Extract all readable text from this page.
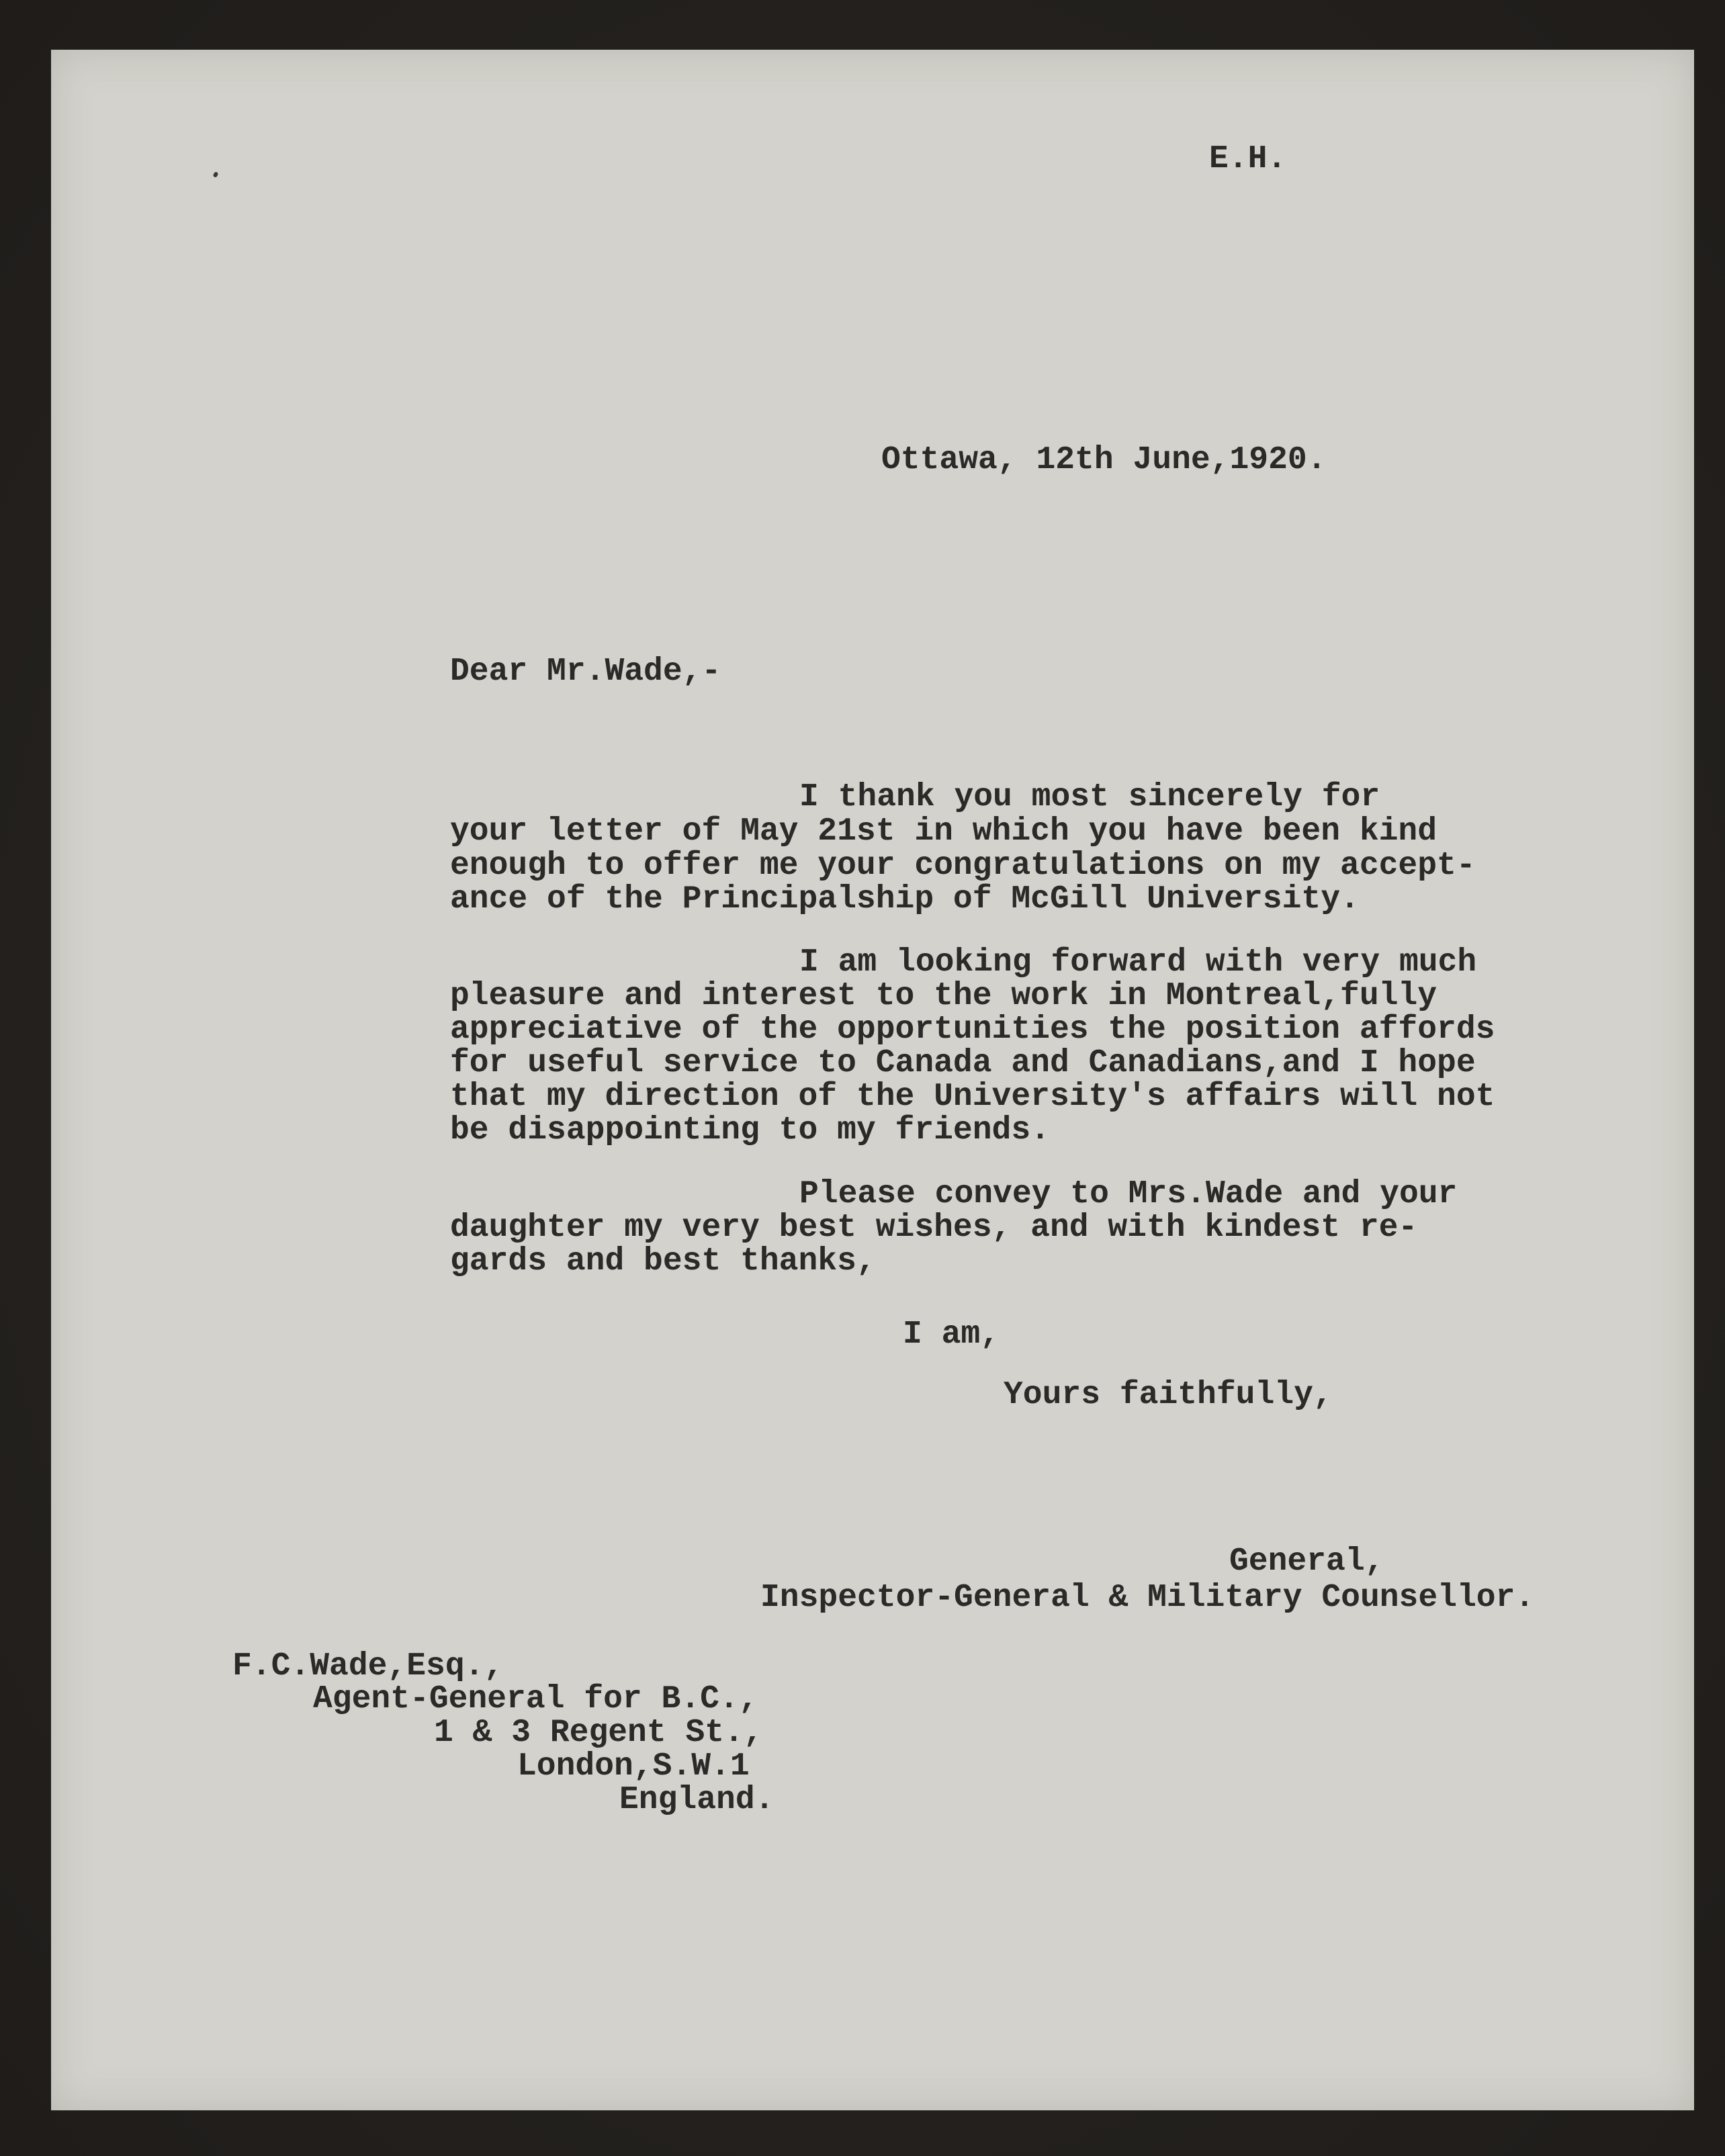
E.H.
Ottawa, 12th June,1920.
Dear Mr.Wade,-
I thank you most sincerely for
your letter of May 21st in which you have been kind
enough to offer me your congratulations on my accept-
ance of the Principalship of McGill University.
I am looking forward with very much
pleasure and interest to the work in Montreal,fully
appreciative of the opportunities the position affords
for useful service to Canada and Canadians,and I hope
that my direction of the University's affairs will not
be disappointing to my friends.
Please convey to Mrs.Wade and your
daughter my very best wishes, and with kindest re-
gards and best thanks,
I am,
Yours faithfully,
General,
Inspector-General & Military Counsellor.
F.C.Wade,Esq.,
Agent-General for B.C.,
1 & 3 Regent St.,
London,S.W.1
England.
